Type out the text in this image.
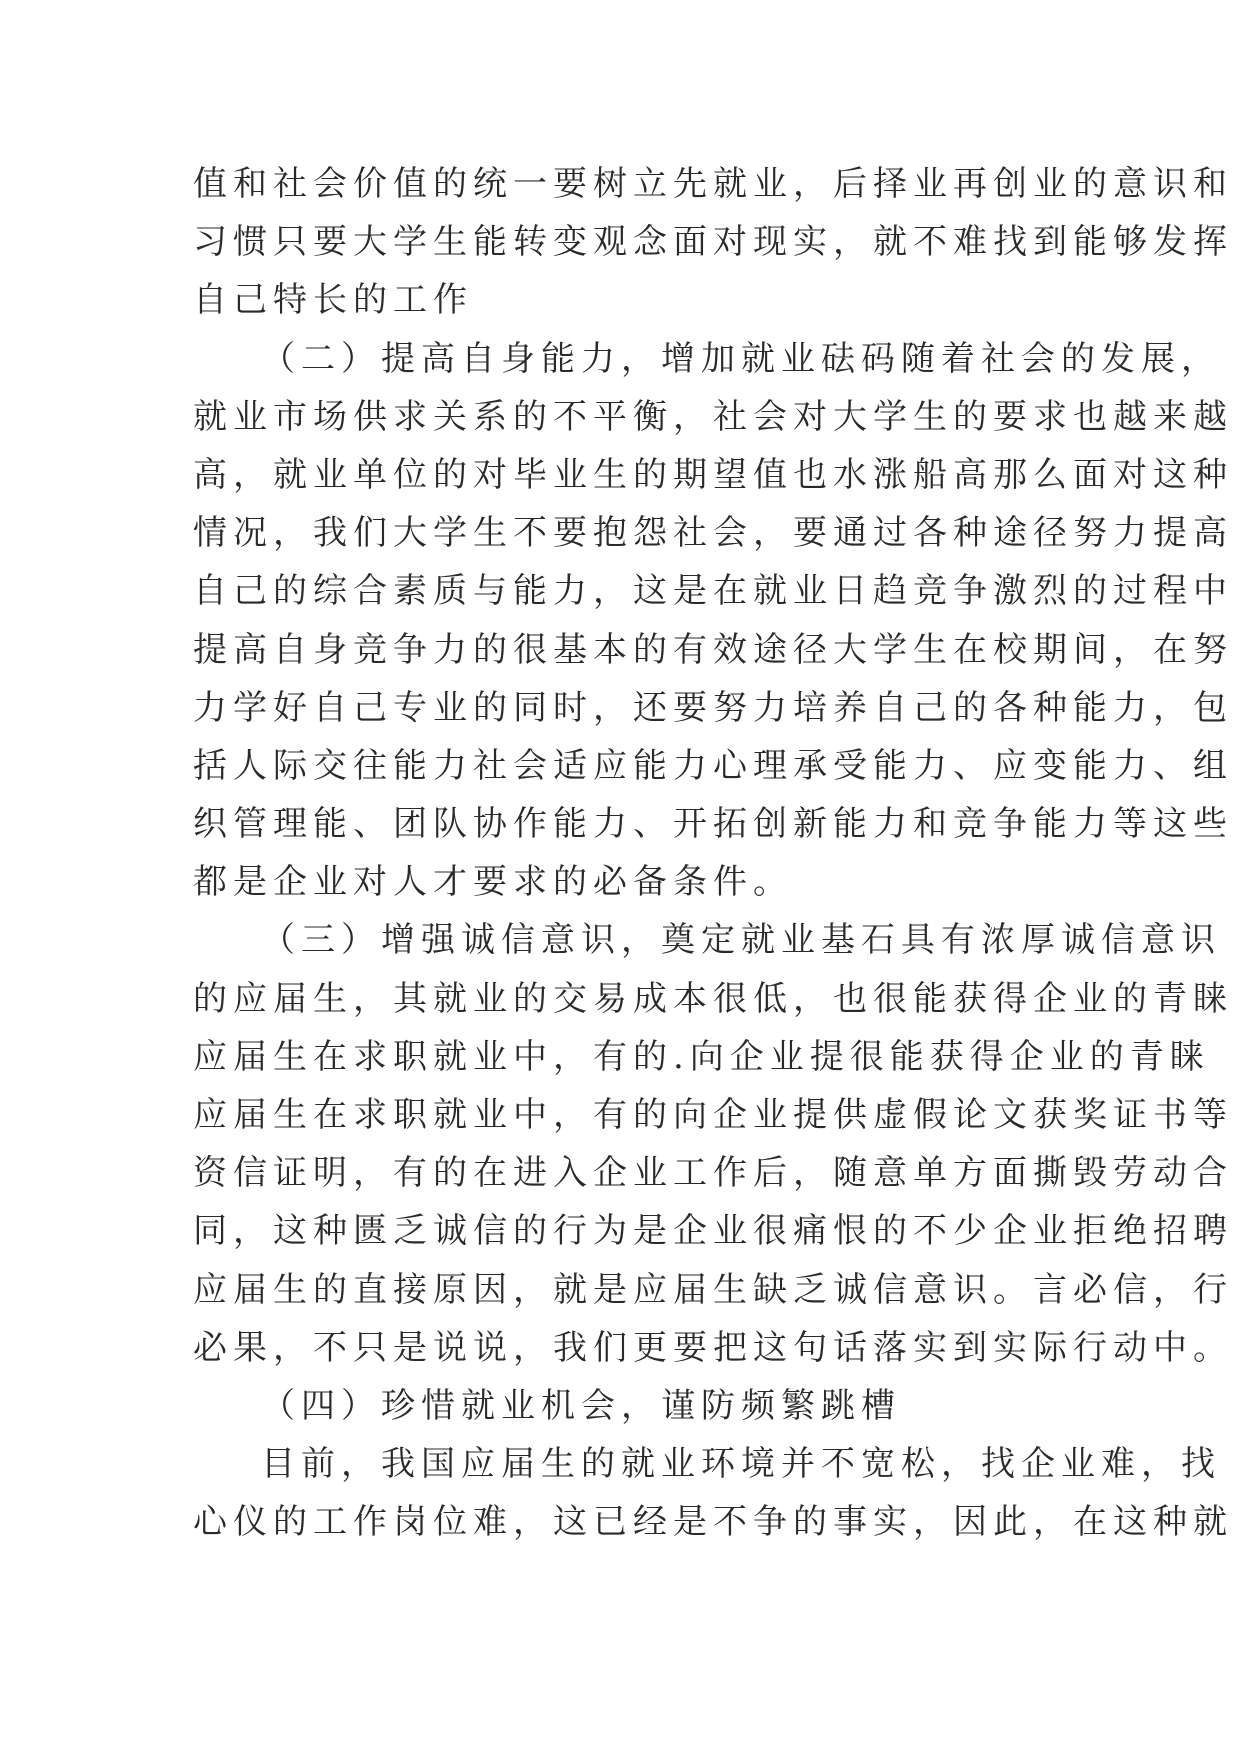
值和社会价值的统一要树立先就业，后择业再创业的意识和
习惯只要大学生能转变观念面对现实，就不难找到能够发挥
自己特长的工作
（二）提高自身能力，增加就业砝码随着社会的发展，
就业市场供求关系的不平衡，社会对大学生的要求也越来越
高，就业单位的对毕业生的期望值也水涨船高那么面对这种
情况，我们大学生不要抱怨社会，要通过各种途径努力提高
自己的综合素质与能力，这是在就业日趋竞争激烈的过程中
提高自身竞争力的很基本的有效途径大学生在校期间，在努
力学好自己专业的同时，还要努力培养自己的各种能力，包
括人际交往能力社会适应能力心理承受能力、应变能力、组
织管理能、团队协作能力、开拓创新能力和竞争能力等这些
都是企业对人才要求的必备条件。
（三）增强诚信意识，奠定就业基石具有浓厚诚信意识
的应届生，其就业的交易成本很低，也很能获得企业的青睐
应届生在求职就业中，有的.向企业提很能获得企业的青睐
应届生在求职就业中，有的向企业提供虚假论文获奖证书等
资信证明，有的在进入企业工作后，随意单方面撕毁劳动合
同，这种匮乏诚信的行为是企业很痛恨的不少企业拒绝招聘
应届生的直接原因，就是应届生缺乏诚信意识。言必信，行
必果，不只是说说，我们更要把这句话落实到实际行动中。
（四）珍惜就业机会，谨防频繁跳槽
目前，我国应届生的就业环境并不宽松，找企业难，找
心仪的工作岗位难，这已经是不争的事实，因此，在这种就
